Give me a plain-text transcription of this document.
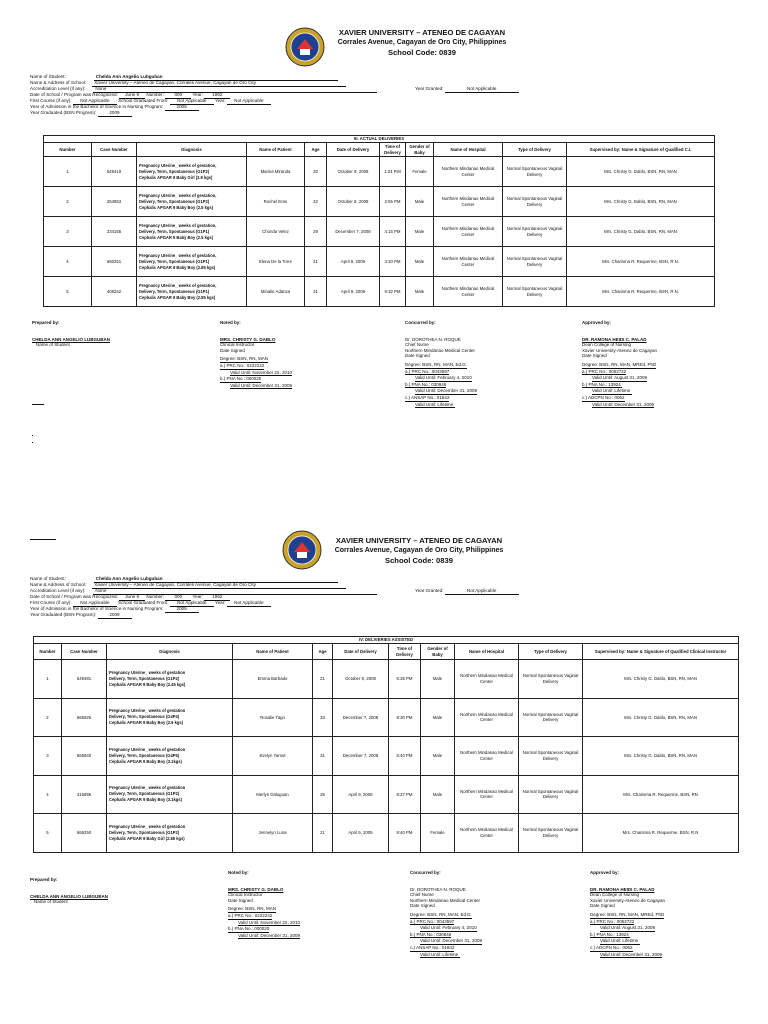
XAVIER UNIVERSITY – ATENEO DE CAGAYAN
Corrales Avenue, Cagayan de Oro City, Philippines
School Code: 0839
Name of Student:	Chelda Ann Angelio Lubguban
Name & Address of School: Xavier University – Ateneo de Cagayan, Corrales Avenue, Cagayan de Oro City
Accreditation Level (if any): None	Year Granted:	Not Applicable
Date of School / Program was Recognized: June 9 Number: 000 Year: 1962
First Course (if any): Not Applicable School Graduated From: Not Applicable Year: Not Applicable
Year of Admission in the Bachelor of Science in Nursing Program:	2005
Year Graduated (BSN Program):	2009
III. ACTUAL DELIVERIES										
Number	Case Number	Diagnosis	Name of Patient	Age	Date of Delivery	Time of Delivery	Gender of Baby	Name of Hospital	Type of Delivery	Supervised by: Name & Signature of Qualified C.I.
1	549419	Pregnancy Uterine_ weeks of gestation,
Delivery, Term, Spontaneous (G1P2)
Cephalic APGAR 9 Baby Girl (2.9 kgs)	Marina Miranda	20	October 9, 2008	1:24 P.M	Female	Northern Mindanao Medical Center	Normal Spontaneous Vaginal Delivery	Mrs. Christy G. Dablo, BSN, RN, MAN
2	254953	Pregnancy Uterine_ weeks of gestation,
Delivery, Term, Spontaneous (G1P2)
Cephalic APGAR 9 Baby Boy (2.5 kgs)	Rochel Eran	22	October 9, 2008	2:55 PM	Male	Northern Mindanao Medical Center	Normal Spontaneous Vaginal Delivery	Mrs. Christy G. Dablo, BSN, RN, MAN
3	234155	Pregnancy Uterine_ weeks of gestation,
Delivery, Term, Spontaneous (G1P1)
Cephalic APGAR 9 Baby Boy (2.5 kgs)	Chonda Velez	29	December 7, 2008	4:15 PM	Male	Northern Mindanao Medical Center	Normal Spontaneous Vaginal Delivery	Mrs. Christy G. Dablo, BSN, RN, MAN
4	660251	Pregnancy Uterine_ weeks of gestation,
Delivery, Term, Spontaneous (G1P1)
Cephalic APGAR 9 Baby Boy (2.85 kgs)	Elena De la Torre	21	April 9, 2009	4:20 PM	Male	Northern Mindanao Medical Center	Normal Spontaneous Vaginal Delivery	Mrs. Charisma R. Requerme, BSN, R.N.
5	409342	Pregnancy Uterine_ weeks of gestation,
Delivery, Term, Spontaneous (G1P1)
Cephalic APGAR 9 Baby Boy (2.85 kgs)	Minalie Adanza	21	April 9, 2009	9:32 PM	Male	Northern Mindanao Medical Center	Normal Spontaneous Vaginal Delivery	Mrs. Charisma R. Requerme, BSN, R.N.
Prepared by:
CHELDA ANN ANGELIO LUBGUBAN
Name of Student
Noted by:
MRS. CHRISTY G. DABLO
Clinical Instructor
Date Signed
Degree: BSN, RN, MAN
a.) PRC No.: 0222242
Valid Until: November 22, 2010
b.) PNA No.: 000020
Valid Until: December 31, 2009
Concurred by:
Dr. DOROTHEA N. ROQUE
Chief Nurse
Northern Mindanao Medical Center
Date Signed
Degree: BSN, RN, MAN, Ed.D.
a.) PRC No.: 0043597
Valid Until: February 4, 2010
b.) PNA No.: 030846
Valid Until: December 31, 2009
c.) ANSAP No.: 01842
Valid Until: Lifetime
Approved by:
DR. RAMONA HEIDI C. PALAD
Dean College of Nursing
Xavier University-Ateneo de Cagayan
Date Signed
Degree: BSN, RN, MAN, MREd, PhD
a.) PRC No.: 0052722
Valid Until: August 31, 2009
b.) PNA No.: 13924
Valid Until: Lifetime
c.) ADCPN No.: 0062
Valid Until: December 31, 2009
XAVIER UNIVERSITY – ATENEO DE CAGAYAN
Corrales Avenue, Cagayan de Oro City, Philippines
School Code: 0839
Name of Student:	Chelda Ann Angelio Lubguban
Name & Address of School: Xavier University – Ateneo de Cagayan, Corrales Avenue, Cagayan de Oro City
Accreditation Level (if any): None	Year Granted:	Not Applicable
Date of School / Program was Recognized: June 9 Number: 000 Year: 1962
First Course (if any): Not Applicable School Graduated From: Not Applicable Year: Not Applicable
Year of Admission in the Bachelor of Science in Nursing Program:	2005
Year Graduated (BSN Program):	2009
IV. DELIVERIES ASSISTED										
Number	Case Number	Diagnosis	Name of Patient	Age	Date of Delivery	Time of Delivery	Gender of Baby	Name of Hospital	Type of Delivery	Supervised by: Name & Signature of Qualified Clinical Instructor
1	549481	Pregnancy Uterine_ weeks of gestation
Delivery, Term, Spontaneous (G1P2)
Cephalic APGAR 9 Baby Boy (2.45 kgs)	Emma Barbado	21	October 9, 2008	5:35 PM	Male	Northern Mindanao Medical Center	Normal Spontaneous Vaginal Delivery	Mrs. Christy G. Dablo, BSN, RN, MAN
2	566926	Pregnancy Uterine_ weeks of gestation
Delivery, Term, Spontaneous (G4P4)
Cephalic APGAR 9 Baby Boy (2.9 kgs)	Rosalie Tago	33	December 7, 2008	9:30 PM	Male	Northern Mindanao Medical Center	Normal Spontaneous Vaginal Delivery	Mrs. Christy G. Dablo, BSN, RN, MAN
3	566940	Pregnancy Uterine_ weeks of gestation
Delivery, Term, Spontaneous (G4P5)
Cephalic APGAR 9 Baby Boy (3.1kgs)	Evelyn Yamut	31	December 7, 2008	5:40 PM	Male	Northern Mindanao Medical Center	Normal Spontaneous Vaginal Delivery	Mrs. Christy G. Dablo, BSN, RN, MAN
4	415995	Pregnancy Uterine_ weeks of gestation
Delivery, Term, Spontaneous (G1P2)
Cephalic APGAR 9 Baby Boy (3.1kgs)	Merlyn Daluguan	26	April 9, 2009	9:27 PM	Male	Northern Mindanao Medical Center	Normal Spontaneous Vaginal Delivery	Mrs. Charisma R. Requerme, BSN, RN
5	666250	Pregnancy Uterine_ weeks of gestation
Delivery, Term, Spontaneous (G1P2)
Cephalic APGAR 9 Baby Girl (2.85 kgs)	Jennelyn Luna	21	April 9, 2009	9:40 PM	Female	Northern Mindanao Medical Center	Normal Spontaneous Vaginal Delivery	Mrs. Charisma R. Requerme, BSN, R.N
Prepared by:
CHELDA ANN ANGELIO LUBGUBAN
Name of Student
Noted by:
MRS. CHRISTY G. DABLO
Clinical Instructor
Date Signed
Degree: BSN, RN, MAN
a.) PRC No.: 0222242
Valid Until: November 22, 2010
b.) PNA No.: 000020
Valid Until: December 31, 2009
Concurred by:
Dr. DOROTHEA N. ROQUE
Chief Nurse
Northern Mindanao Medical Center
Date Signed
Degree: BSN, RN, MAN, Ed.D.
a.) PRC No.: 0043597
Valid Until: February 4, 2010
b.) PNA No.: 030846
Valid Until: December 31, 2009
c.) ANSAP No.: 01842
Valid Until: Lifetime
Approved by:
DR. RAMONA HEIDI C. PALAD
Dean College of Nursing
Xavier University-Ateneo de Cagayan
Date Signed
Degree: BSN, RN, MAN, MREd, PhD
a.) PRC No.: 0052722
Valid Until: August 31, 2009
b.) PNA No.: 13924
Valid Until: Lifetime
c.) ADCPN No.: 0062
Valid Until: December 31, 2009
